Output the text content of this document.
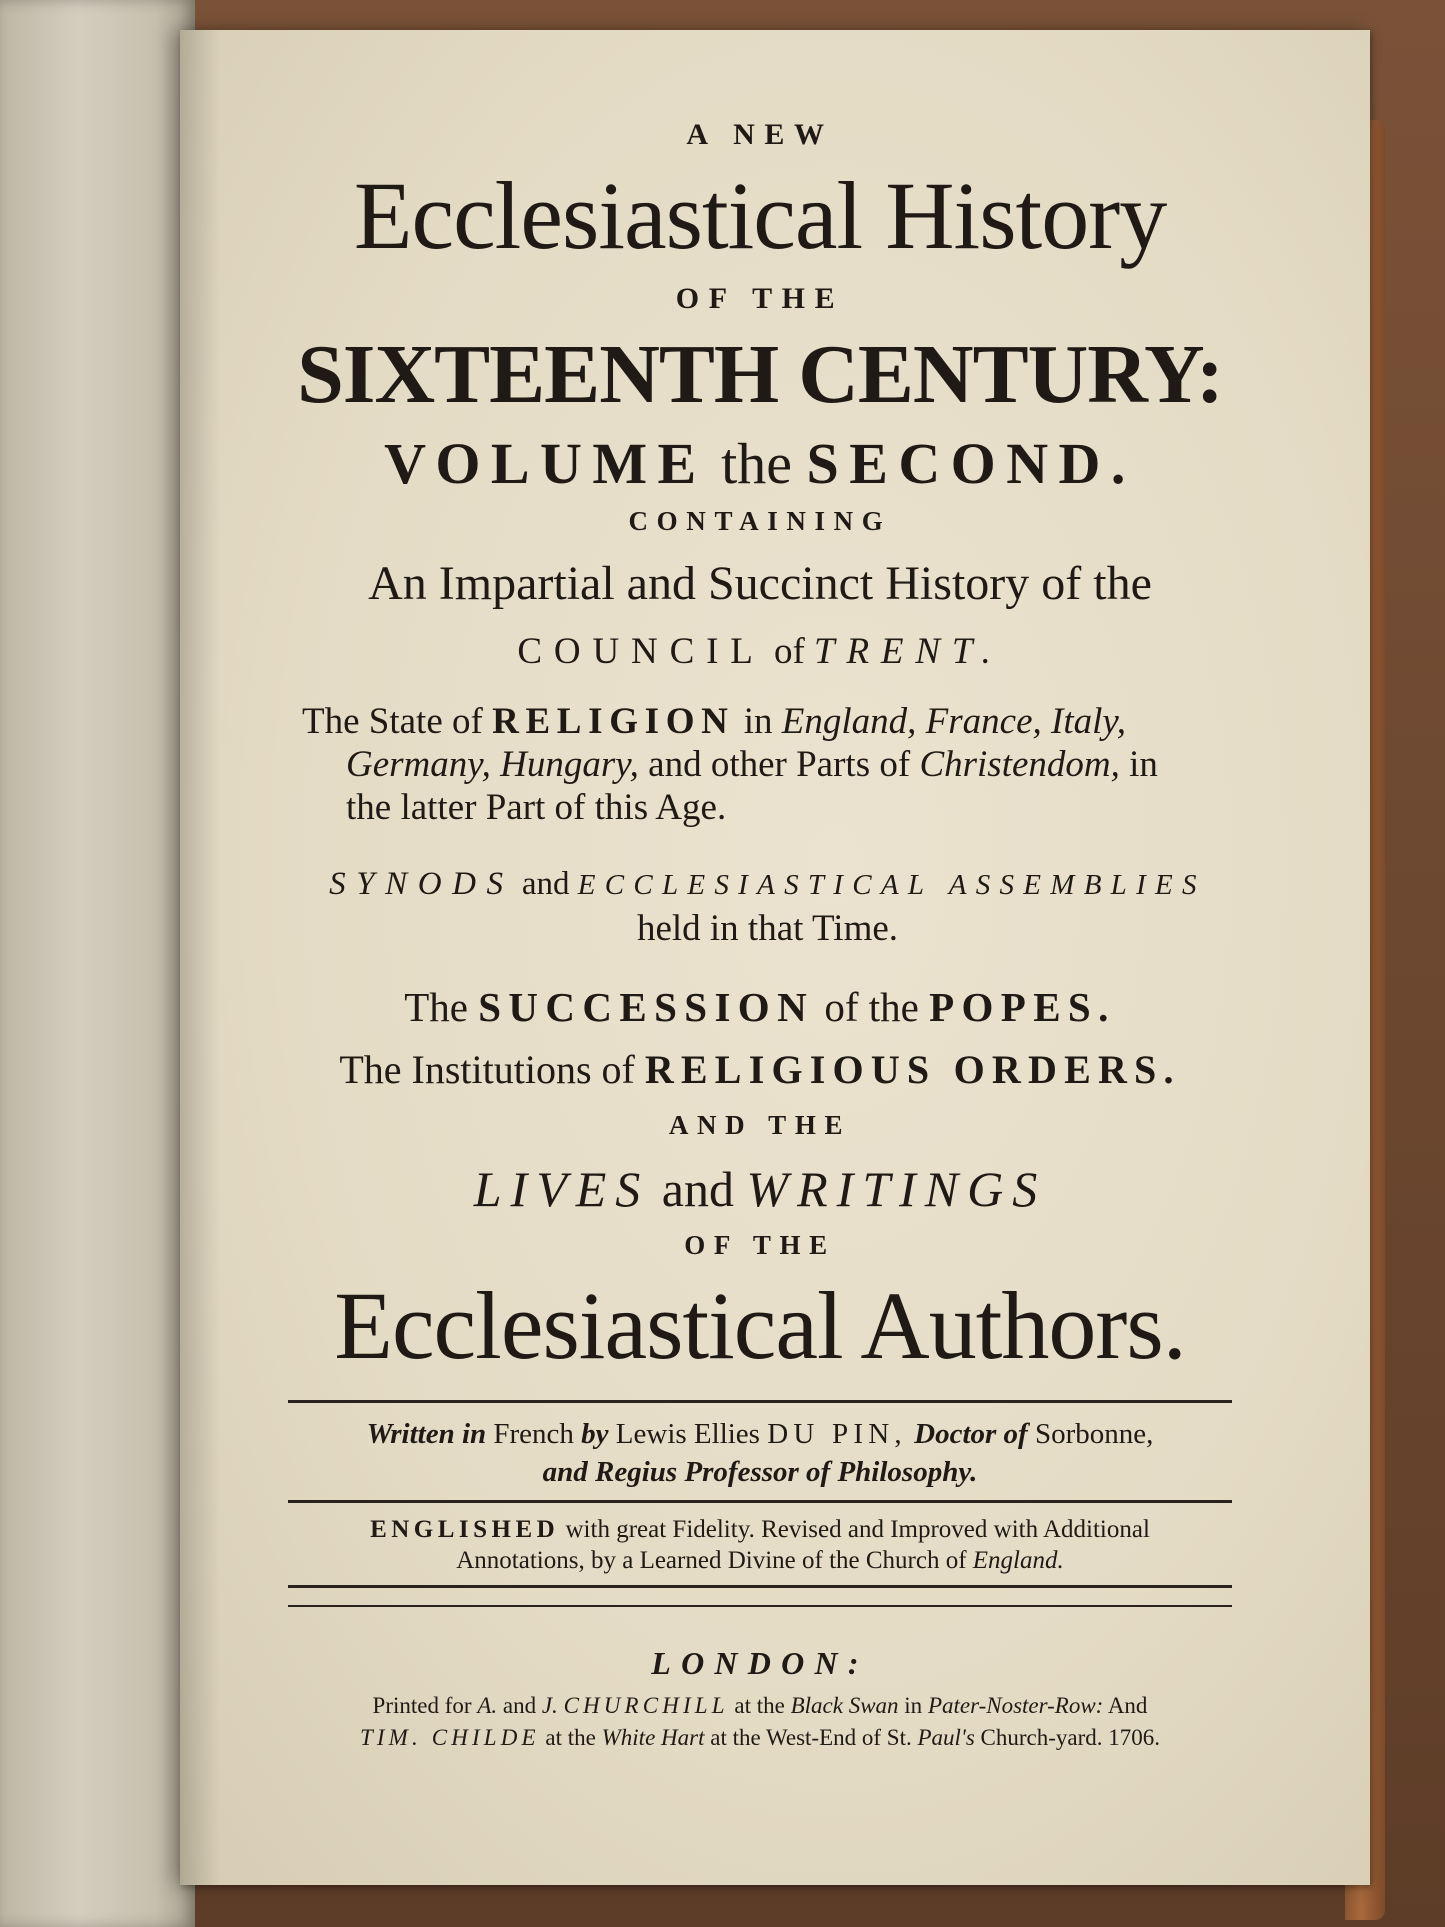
A NEW
Ecclesiastical History
OF THE
SIXTEENTH CENTURY:
VOLUME the SECOND.
CONTAINING
An Impartial and Succinct History of the
COUNCIL of TRENT.
The State of RELIGION in England, France, Italy,
Germany, Hungary, and other Parts of Christendom, in
the latter Part of this Age.
SYNODS and ECCLESIASTICAL ASSEMBLIES
held in that Time.
The SUCCESSION of the POPES.
The Institutions of RELIGIOUS ORDERS.
AND THE
LIVES and WRITINGS
OF THE
Ecclesiastical Authors.
Written in French by Lewis Ellies DU PIN, Doctor of Sorbonne,
and Regius Professor of Philosophy.
ENGLISHED with great Fidelity. Revised and Improved with Additional
Annotations, by a Learned Divine of the Church of England.
LONDON:
Printed for A. and J. CHURCHILL at the Black Swan in Pater-Noster-Row: And
TIM. CHILDE at the White Hart at the West-End of St. Paul's Church-yard. 1706.
